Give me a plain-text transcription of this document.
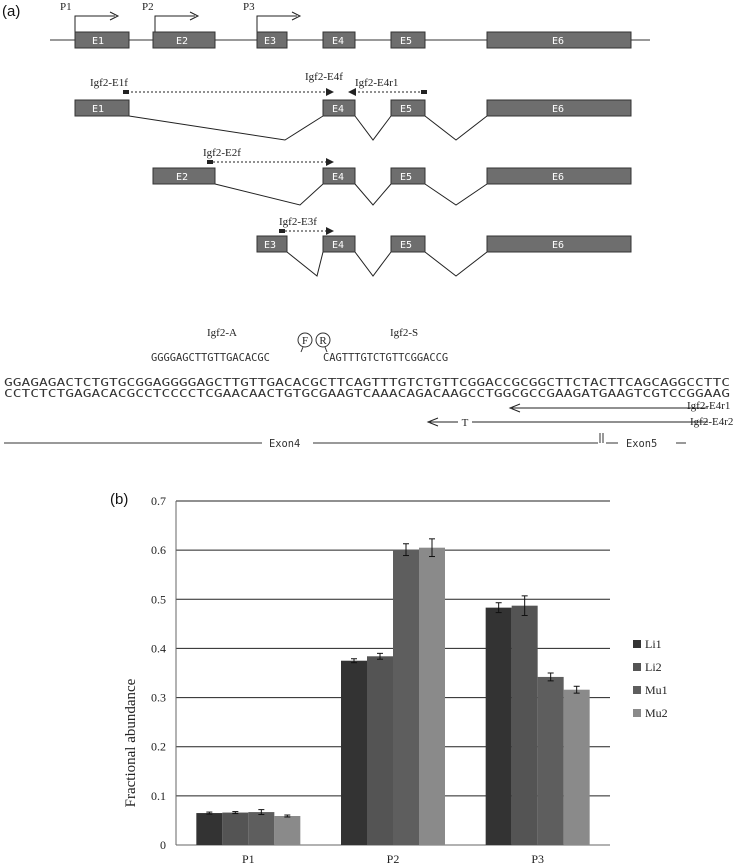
(a)	P1	P2	P3
E1	E2	E3	E4	E5	E6
Igf2-E1f	Igf2-E4f Igf2-E4r1
E1	E4	E5	E6
Igf2-E2f
E2	E4	E5	E6
Igf2-E3f
E3	E4	E5	E6
Igf2-A	Igf2-S
F R
GGGGAGCTTGTTGACACGC	CAGTTTGTCTGTTCGGACCG
GGAGAGACTCTGTGCGGAGGGGAGCTTGTTGACACGCTTCAGTTTGTCTGTTCGGACCGCGGCTTCTACTTCAGCAGGCCTTC
CCTCTCTGAGACACGCCTCCCCTCGAACAACTGTGCGAAGTCAAACAGACAAGCCTGGCGCCGAAGATGAAGTCGTCCGGAAG
Igf2-E4r1
T	Igf2-E4r2
Exon4	Exon5
(b)
0
0.1
0.2
0.3
0.4
0.5
0.6
0.7
P1	P2	P3
Li1
Li2
Mu1
Mu2
Fractional abundance
